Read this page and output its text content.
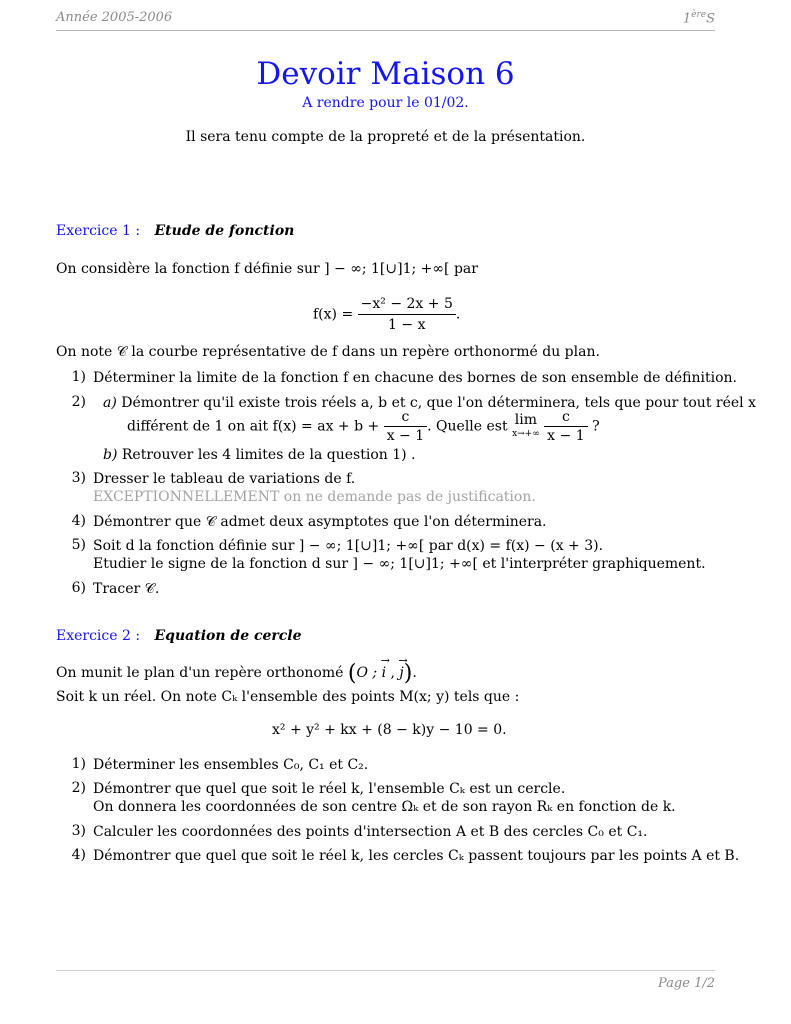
Année 2005-2006	1èreS
Devoir Maison 6
A rendre pour le 01/02.
Il sera tenu compte de la propreté et de la présentation.
Exercice 1 : Etude de fonction
On considère la fonction f définie sur ] − ∞; 1[∪]1; +∞[ par
$f(x) = \frac{\text{−x² − 2x + 5}}{1 - x}$ .
On note 𝒞 la courbe représentative de f dans un repère orthonormé du plan.
1) Déterminer la limite de la fonction f en chacune des bornes de son ensemble de définition.
2) a) Démontrer qu'il existe trois réels a, b et c, que l'on déterminera, tels que pour tout réel x
différent de 1 on ait f(x) = ax + $b + \frac{c}{x - 1}$ . Quelle est lim
x→+∞
$\frac{c}{x - 1}$ ?
b) Retrouver les 4 limites de la question 1) .
3) Dresser le tableau de variations de f.
EXCEPTIONNELLEMENT on ne demande pas de justification.
4) Démontrer que 𝒞 admet deux asymptotes que l'on déterminera.
5) Soit d la fonction définie sur ] − ∞; 1[∪]1; +∞[ par d(x) = f(x) − (x + 3).
Etudier le signe de la fonction d sur ] − ∞; 1[∪]1; +∞[ et l'interpréter graphiquement.
6) Tracer 𝒞.
Exercice 2 : Equation de cercle
On munit le plan d'un repère orthonomé (O ; → i , → j).
Soit k un réel. On note Cₖ l'ensemble des points M(x; y) tels que :
x² + y² + kx + (8 − k)y − 10 = 0.
1) Déterminer les ensembles C₀, C₁ et C₂.
2) Démontrer que quel que soit le réel k, l'ensemble Cₖ est un cercle.
On donnera les coordonnées de son centre Ωₖ et de son rayon Rₖ en fonction de k.
3) Calculer les coordonnées des points d'intersection A et B des cercles C₀ et C₁.
4) Démontrer que quel que soit le réel k, les cercles Cₖ passent toujours par les points A et B.
Page 1/2
